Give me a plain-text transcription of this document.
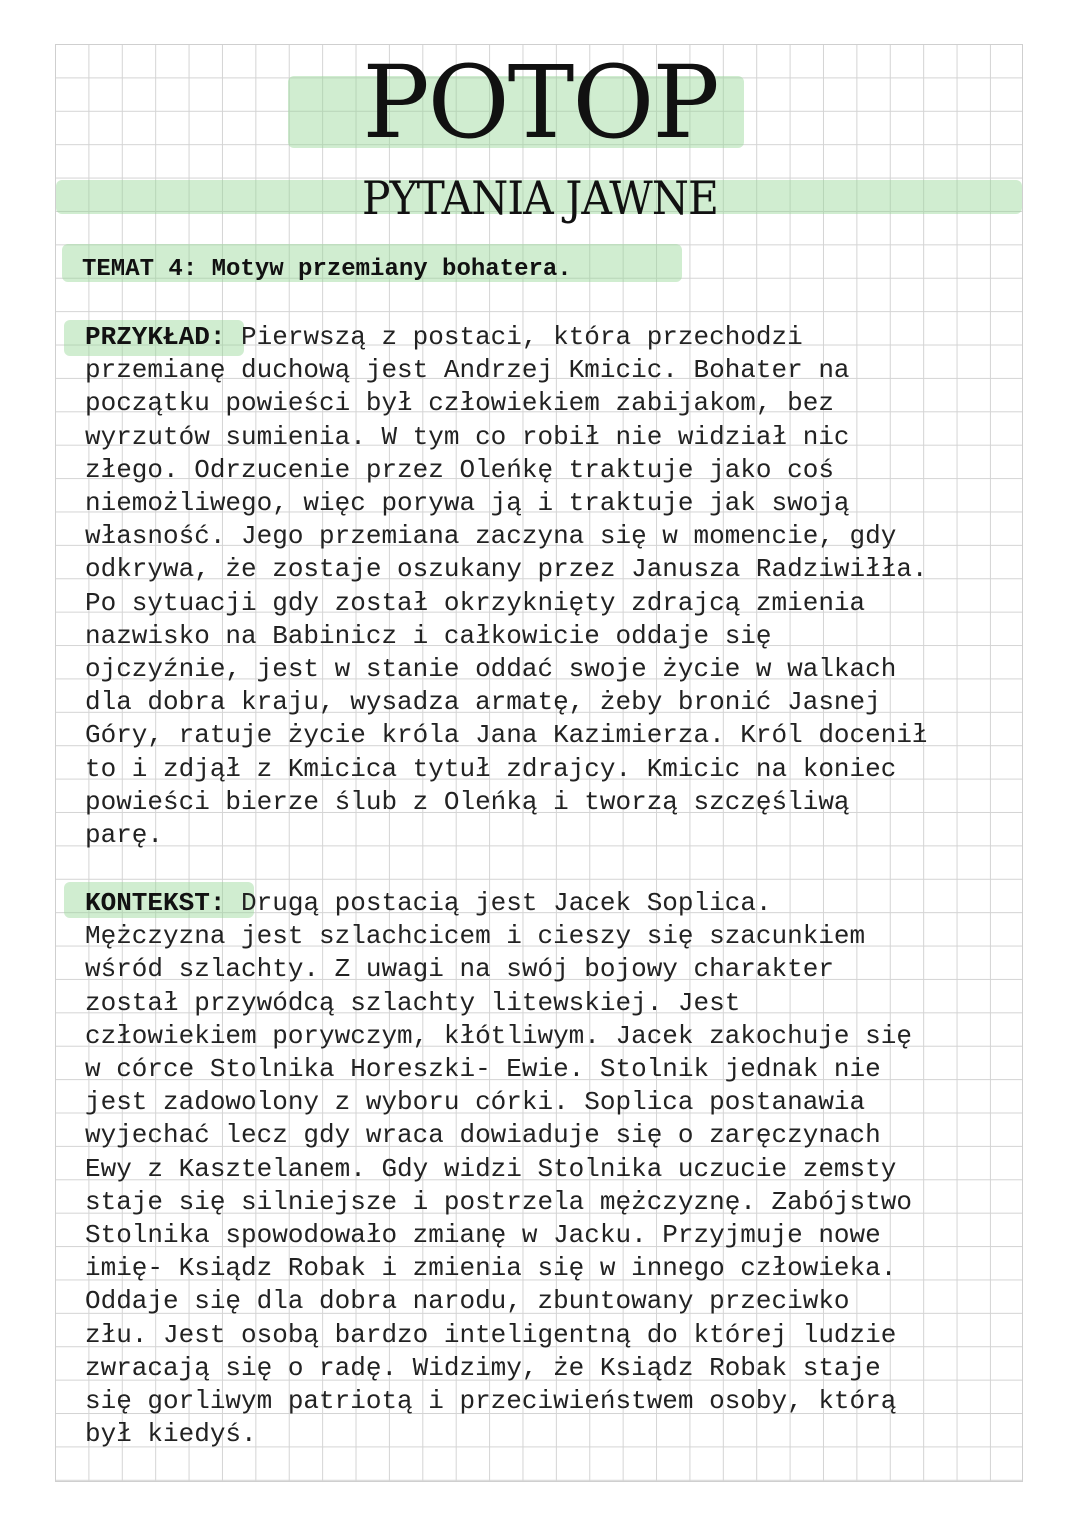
POTOP
PYTANIA JAWNE
TEMAT 4: Motyw przemiany bohatera.
PRZYKŁAD: Pierwszą z postaci, która przechodzi
przemianę duchową jest Andrzej Kmicic. Bohater na
początku powieści był człowiekiem zabijakom, bez
wyrzutów sumienia. W tym co robił nie widział nic
złego. Odrzucenie przez Oleńkę traktuje jako coś
niemożliwego, więc porywa ją i traktuje jak swoją
własność. Jego przemiana zaczyna się w momencie, gdy
odkrywa, że zostaje oszukany przez Janusza Radziwiłła.
Po sytuacji gdy został okrzyknięty zdrajcą zmienia
nazwisko na Babinicz i całkowicie oddaje się
ojczyźnie, jest w stanie oddać swoje życie w walkach
dla dobra kraju, wysadza armatę, żeby bronić Jasnej
Góry, ratuje życie króla Jana Kazimierza. Król docenił
to i zdjął z Kmicica tytuł zdrajcy. Kmicic na koniec
powieści bierze ślub z Oleńką i tworzą szczęśliwą
parę.
KONTEKST: Drugą postacią jest Jacek Soplica.
Mężczyzna jest szlachcicem i cieszy się szacunkiem
wśród szlachty. Z uwagi na swój bojowy charakter
został przywódcą szlachty litewskiej. Jest
człowiekiem porywczym, kłótliwym. Jacek zakochuje się
w córce Stolnika Horeszki- Ewie. Stolnik jednak nie
jest zadowolony z wyboru córki. Soplica postanawia
wyjechać lecz gdy wraca dowiaduje się o zaręczynach
Ewy z Kasztelanem. Gdy widzi Stolnika uczucie zemsty
staje się silniejsze i postrzela mężczyznę. Zabójstwo
Stolnika spowodowało zmianę w Jacku. Przyjmuje nowe
imię- Ksiądz Robak i zmienia się w innego człowieka.
Oddaje się dla dobra narodu, zbuntowany przeciwko
złu. Jest osobą bardzo inteligentną do której ludzie
zwracają się o radę. Widzimy, że Ksiądz Robak staje
się gorliwym patriotą i przeciwieństwem osoby, którą
był kiedyś.
